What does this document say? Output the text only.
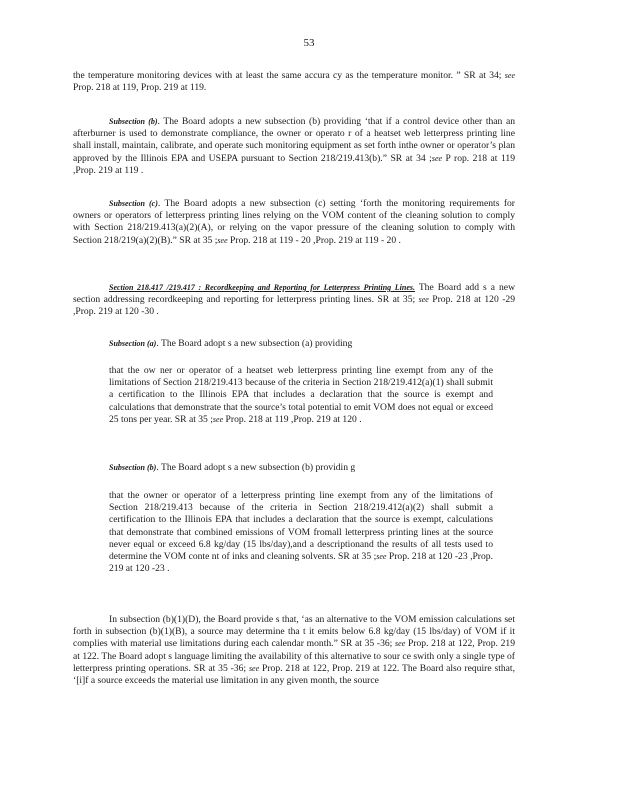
53

the temperature monitoring devices with at least the same accura cy as the temperature monitor. ” SR at 34; see Prop. 218 at 119, Prop. 219 at 119.

Subsection (b). The Board adopts a new subsection (b) providing ‘that if a control device other than an afterburner is used to demonstrate compliance, the owner or operato r of a heatset web letterpress printing line shall install, maintain, calibrate, and operate such monitoring equipment as set forth inthe owner or operator’s plan approved by the Illinois EPA and USEPA pursuant to Section 218/219.413(b).” SR at 34 ;see P rop. 218 at 119 ,Prop. 219 at 119 .

Subsection (c). The Board adopts a new subsection (c) setting ‘forth the monitoring requirements for owners or operators of letterpress printing lines relying on the VOM content of the cleaning solution to comply with Section 218/219.413(a)(2)(A), or relying on the vapor pressure of the cleaning solution to comply with Section 218/219(a)(2)(B).” SR at 35 ;see Prop. 218 at 119 - 20 ,Prop. 219 at 119 - 20 .

Section 218.417 /219.417 : Recordkeeping and Reporting for Letterpress Printing Lines. The Board add s a new section addressing recordkeeping and reporting for letterpress printing lines. SR at 35; see Prop. 218 at 120 -29 ,Prop. 219 at 120 -30 .

Subsection (a). The Board adopt s a new subsection (a) providing

that the ow ner or operator of a heatset web letterpress printing line exempt from any of the limitations of Section 218/219.413 because of the criteria in Section 218/219.412(a)(1) shall submit a certification to the Illinois EPA that includes a declaration that the source is exempt and calculations that demonstrate that the source’s total potential to emit VOM does not equal or exceed 25 tons per year. SR at 35 ;see Prop. 218 at 119 ,Prop. 219 at 120 .

Subsection (b). The Board adopt s a new subsection (b) providin g

that the owner or operator of a letterpress printing line exempt from any of the limitations of Section 218/219.413 because of the criteria in Section 218/219.412(a)(2) shall submit a certification to the Illinois EPA that includes a declaration that the source is exempt, calculations that demonstrate that combined emissions of VOM fromall letterpress printing lines at the source never equal or exceed 6.8 kg/day (15 lbs/day),and a descriptionand the results of all tests used to determine the VOM conte nt of inks and cleaning solvents. SR at 35 ;see Prop. 218 at 120 -23 ,Prop. 219 at 120 -23 .

In subsection (b)(1)(D), the Board provide s that, ‘as an alternative to the VOM emission calculations set forth in subsection (b)(1)(B), a source may determine tha t it emits below 6.8 kg/day (15 lbs/day) of VOM if it complies with material use limitations during each calendar month.” SR at 35 -36; see Prop. 218 at 122, Prop. 219 at 122. The Board adopt s language limiting the availability of this alternative to sour ce swith only a single type of letterpress printing operations. SR at 35 -36; see Prop. 218 at 122, Prop. 219 at 122. The Board also require sthat, ‘[i]f a source exceeds the material use limitation in any given month, the source
